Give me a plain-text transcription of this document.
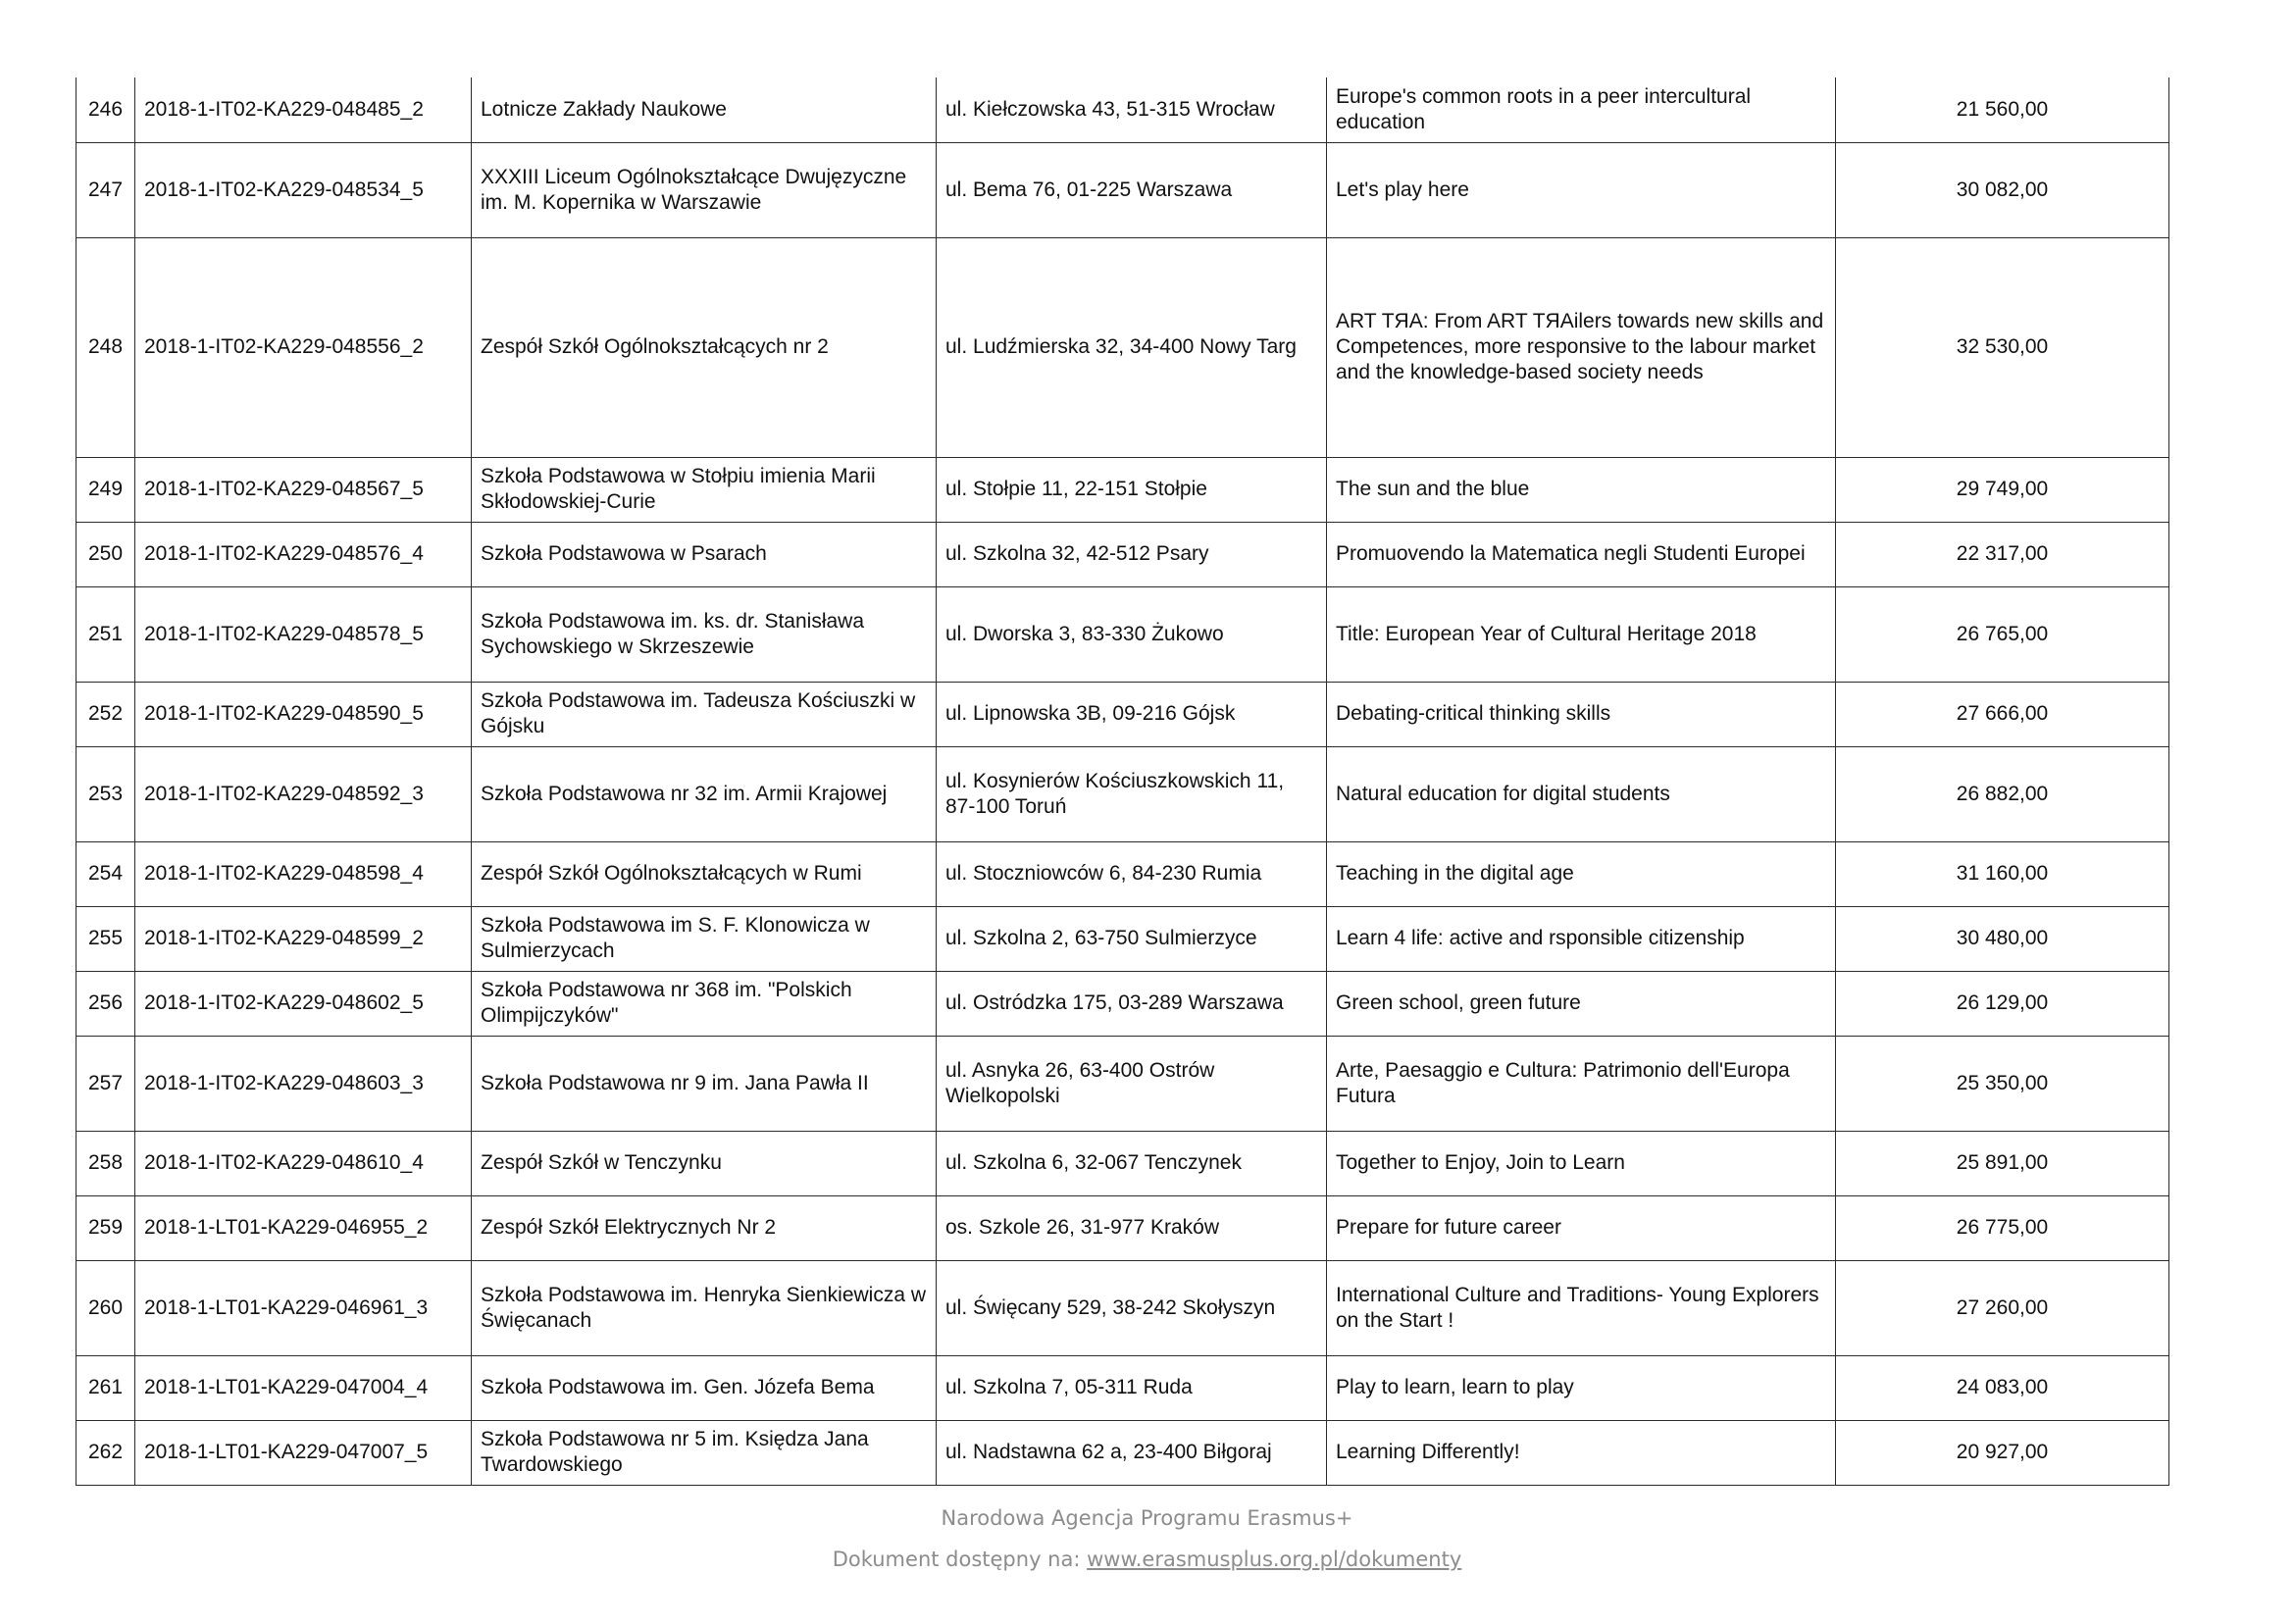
246	2018-1-IT02-KA229-048485_2	Lotnicze Zakłady Naukowe	ul. Kiełczowska 43, 51-315 Wrocław	Europe's common roots in a peer intercultural education	21 560,00
247	2018-1-IT02-KA229-048534_5	XXXIII Liceum Ogólnokształcące Dwujęzyczne im. M. Kopernika w Warszawie	ul. Bema 76, 01-225 Warszawa	Let's play here	30 082,00
248	2018-1-IT02-KA229-048556_2	Zespół Szkół Ogólnokształcących nr 2	ul. Ludźmierska 32, 34-400 Nowy Targ	ART TЯA: From ART TЯAilers towards new skills and Competences, more responsive to the labour market and the knowledge-based society needs	32 530,00
249	2018-1-IT02-KA229-048567_5	Szkoła Podstawowa w Stołpiu imienia Marii Skłodowskiej-Curie	ul. Stołpie 11, 22-151 Stołpie	The sun and the blue	29 749,00
250	2018-1-IT02-KA229-048576_4	Szkoła Podstawowa w Psarach	ul. Szkolna 32, 42-512 Psary	Promuovendo la Matematica negli Studenti Europei	22 317,00
251	2018-1-IT02-KA229-048578_5	Szkoła Podstawowa im. ks. dr. Stanisława Sychowskiego w Skrzeszewie	ul. Dworska 3, 83-330 Żukowo	Title: European Year of Cultural Heritage 2018	26 765,00
252	2018-1-IT02-KA229-048590_5	Szkoła Podstawowa im. Tadeusza Kościuszki w Gójsku	ul. Lipnowska 3B, 09-216 Gójsk	Debating-critical thinking skills	27 666,00
253	2018-1-IT02-KA229-048592_3	Szkoła Podstawowa nr 32 im. Armii Krajowej	ul. Kosynierów Kościuszkowskich 11, 87-100 Toruń	Natural education for digital students	26 882,00
254	2018-1-IT02-KA229-048598_4	Zespół Szkół Ogólnokształcących w Rumi	ul. Stoczniowców 6, 84-230 Rumia	Teaching in the digital age	31 160,00
255	2018-1-IT02-KA229-048599_2	Szkoła Podstawowa im S. F. Klonowicza w Sulmierzycach	ul. Szkolna 2, 63-750 Sulmierzyce	Learn 4 life: active and rsponsible citizenship	30 480,00
256	2018-1-IT02-KA229-048602_5	Szkoła Podstawowa nr 368 im. "Polskich Olimpijczyków"	ul. Ostródzka 175, 03-289 Warszawa	Green school, green future	26 129,00
257	2018-1-IT02-KA229-048603_3	Szkoła Podstawowa nr 9 im. Jana Pawła II	ul. Asnyka 26, 63-400 Ostrów Wielkopolski	Arte, Paesaggio e Cultura: Patrimonio dell'Europa Futura	25 350,00
258	2018-1-IT02-KA229-048610_4	Zespół Szkół w Tenczynku	ul. Szkolna 6, 32-067 Tenczynek	Together to Enjoy, Join to Learn	25 891,00
259	2018-1-LT01-KA229-046955_2	Zespół Szkół Elektrycznych Nr 2	os. Szkole 26, 31-977 Kraków	Prepare for future career	26 775,00
260	2018-1-LT01-KA229-046961_3	Szkoła Podstawowa im. Henryka Sienkiewicza w Święcanach	ul. Święcany 529, 38-242 Skołyszyn	International Culture and Traditions- Young Explorers on the Start !	27 260,00
261	2018-1-LT01-KA229-047004_4	Szkoła Podstawowa im. Gen. Józefa Bema	ul. Szkolna 7, 05-311 Ruda	Play to learn, learn to play	24 083,00
262	2018-1-LT01-KA229-047007_5	Szkoła Podstawowa nr 5 im. Księdza Jana Twardowskiego	ul. Nadstawna 62 a, 23-400 Biłgoraj	Learning Differently!	20 927,00
Narodowa Agencja Programu Erasmus+
Dokument dostępny na: www.erasmusplus.org.pl/dokumenty
